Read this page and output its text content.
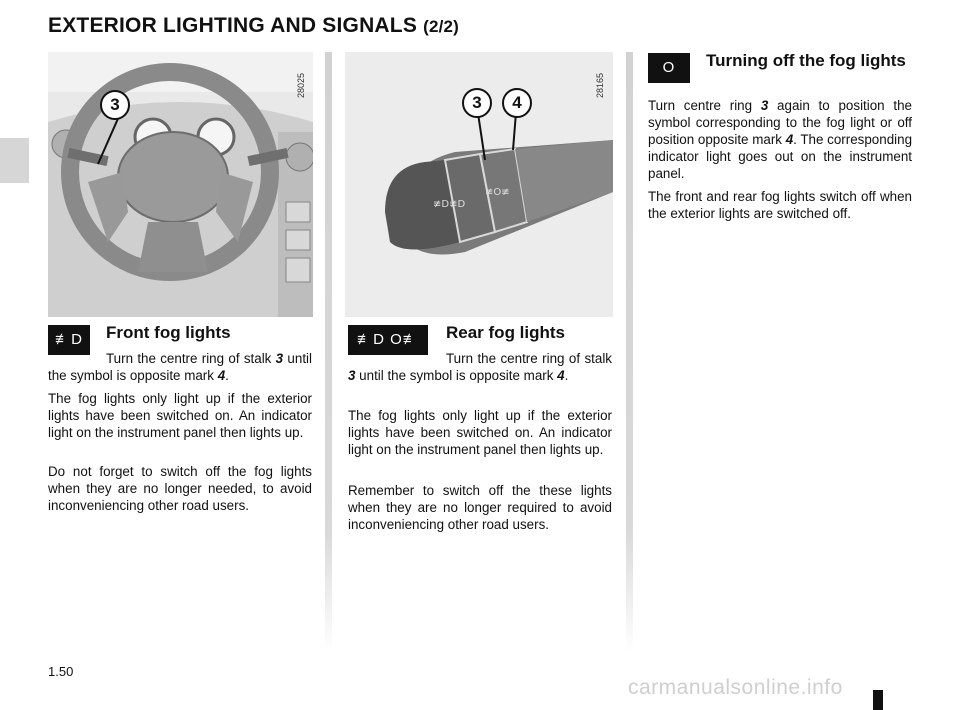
EXTERIOR LIGHTING AND SIGNALS (2/2)
28025
3
≢D≢D
≢O≢
28165
3	4
≢D	Front fog lights

Turn the centre ring of stalk 3 until the symbol is opposite mark 4.

The fog lights only light up if the exterior lights have been switched on. An indicator light on the instrument panel then lights up.

Do not forget to switch off the fog lights when they are no longer needed, to avoid inconveniencing other road users.

≢D O≢	Rear fog lights

Turn the centre ring of stalk 3 until the symbol is opposite mark 4.

The fog lights only light up if the exterior lights have been switched on. An indicator light on the instrument panel then lights up.

Remember to switch off the these lights when they are no longer required to avoid inconveniencing other road users.

O	Turning off the fog lights

Turn centre ring 3 again to position the symbol corresponding to the fog light or off position opposite mark 4. The corresponding indicator light goes out on the instrument panel.

The front and rear fog lights switch off when the exterior lights are switched off.

1.50
carmanualsonline.info
